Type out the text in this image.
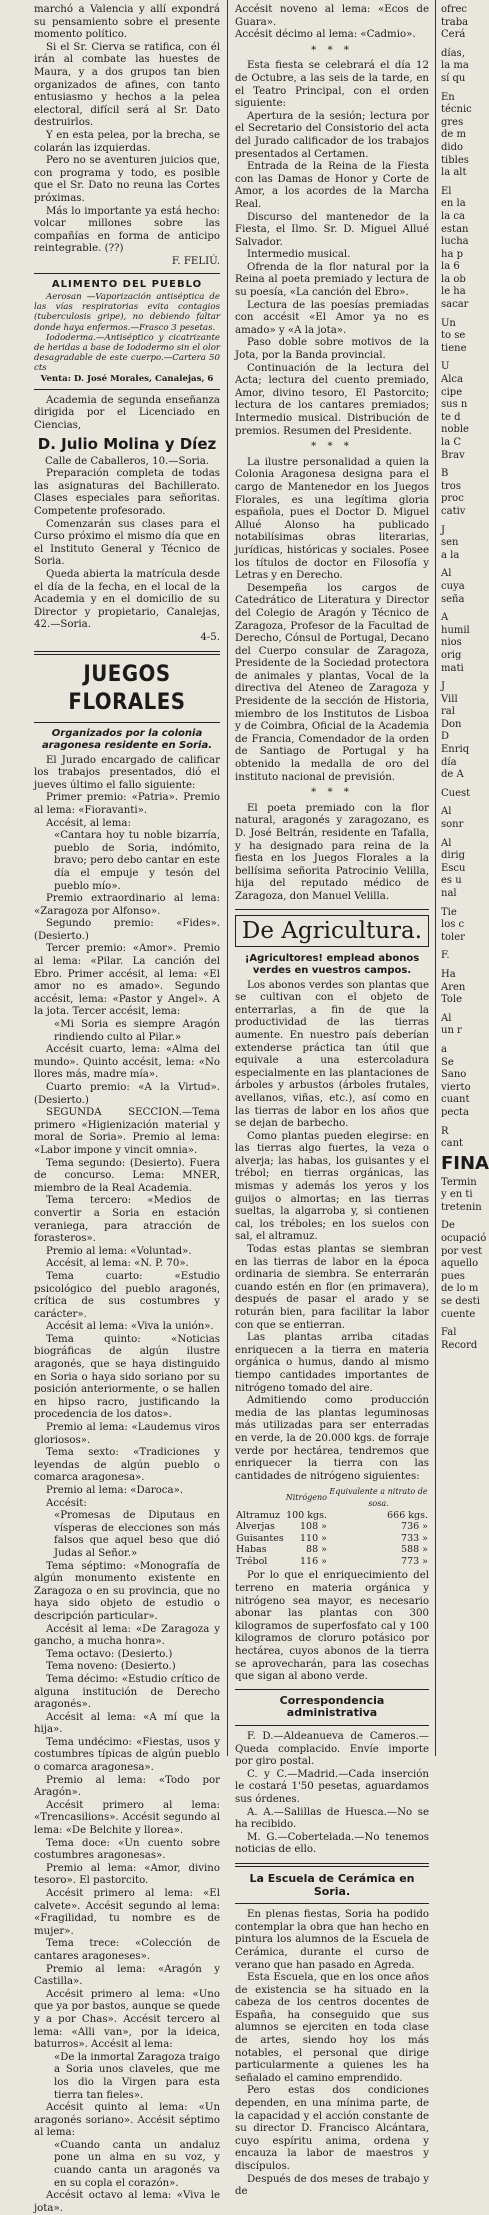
marchó a Valencia y allí expondrá su pensamiento sobre el presente momento político.

Si el Sr. Cierva se ratifica, con él irán al combate las huestes de Maura, y a dos grupos tan bien organizados de afines, con tanto entusiasmo y hechos a la pelea electoral, difícil será al Sr. Dato destruirlos.

Y en esta pelea, por la brecha, se colarán las izquierdas.

Pero no se aventuren juicios que, con programa y todo, es posible que el Sr. Dato no reuna las Cortes próximas.

Más lo importante ya está hecho: volcar millones sobre las compañías en forma de anticipo reintegrable. (??)

F. FELIÚ.

ALIMENTO DEL PUEBLO

Aerosan —Vaporización antiséptica de las vías respiratorias evita contagios (tuberculosis gripe), no debiendo faltar donde haya enfermos.—Frasco 3 pesetas.

Iododerma.—Antiséptico y cicatrizante de heridas a base de Iododermo sin el olor desagradable de este cuerpo.—Cartera 50 cts

Venta: D. José Morales, Canalejas, 6

Academia de segunda enseñanza dirigida por el Licenciado en Ciencias,

D. Julio Molina y Díez

Calle de Caballeros, 10.—Soria.

Preparación completa de todas las asignaturas del Bachillerato. Clases especiales para señoritas. Competente profesorado.

Comenzarán sus clases para el Curso próximo el mismo día que en el Instituto General y Técnico de Soria.

Queda abierta la matrícula desde el día de la fecha, en el local de la Academia y en el domicilio de su Director y propietario, Canalejas, 42.—Soria.

4-5.

JUEGOS FLORALES
Organizados por la colonia aragonesa residente en Soria.

El Jurado encargado de calificar los trabajos presentados, dió el jueves último el fallo siguiente:

Primer premio: «Patria». Premio al lema: «Fioravanti».

Accésit, al lema:

«Cantara hoy tu noble bizarría, pueblo de Soria, indómito, bravo; pero debo cantar en este día el empuje y tesón del pueblo mío».

Premio extraordinario al lema: «Zaragoza por Alfonso».

Segundo premio: «Fides». (Desierto.)

Tercer premio: «Amor». Premio al lema: «Pilar. La canción del Ebro. Primer accésit, al lema: «El amor no es amado». Segundo accésit, lema: «Pastor y Angel». A la jota. Tercer accésit, lema:

«Mi Soria es siempre Aragón rindiendo culto al Pilar.»

Accésit cuarto, lema: «Alma del mundo». Quinto accésit, lema: «No llores más, madre mía».

Cuarto premio: «A la Virtud». (Desierto.)

SEGUNDA SECCION.—Tema primero «Higienización material y moral de Soria». Premio al lema: «Labor impone y vincit omnia».

Tema segundo: (Desierto). Fuera de concurso. Lema: MNER, miembro de la Real Academia.

Tema tercero: «Medios de convertir a Soria en estación veraniega, para atracción de forasteros».

Premio al lema: «Voluntad».

Accésit, al lema: «N. P. 70».

Tema cuarto: «Estudio psicológico del pueblo aragonés, crítica de sus costumbres y carácter».

Accésit al lema: «Viva la unión».

Tema quinto: «Noticias biográficas de algún ilustre aragonés, que se haya distinguido en Soria o haya sido soriano por su posición anteriormente, o se hallen en hipso racro, justificando la procedencia de los datos».

Premio al lema: «Laudemus viros gloriosos».

Tema sexto: «Tradiciones y leyendas de algún pueblo o comarca aragonesa».

Premio al lema: «Daroca».

Accésit:

«Promesas de Diputaus en vísperas de elecciones son más falsos que aquel beso que dió Judas al Señor.»

Tema séptimo: «Monografía de algún monumento existente en Zaragoza o en su provincia, que no haya sido objeto de estudio o descripción particular».

Accésit al lema: «De Zaragoza y gancho, a mucha honra».

Tema octavo: (Desierto.)

Tema noveno: (Desierto.)

Tema décimo: «Estudio crítico de alguna institución de Derecho aragonés».

Accésit al lema: «A mí que la hija».

Tema undécimo: «Fiestas, usos y costumbres típicas de algún pueblo o comarca aragonesa».

Premio al lema: «Todo por Aragón».

Accésit primero al lema: «Trencasilions». Accésit segundo al lema: «De Belchite y llorea».

Tema doce: «Un cuento sobre costumbres aragonesas».

Premio al lema: «Amor, divino tesoro». El pastorcito.

Accésit primero al lema: «El calvete». Accésit segundo al lema: «Fragilidad, tu nombre es de mujer».

Tema trece: «Colección de cantares aragoneses».

Premio al lema: «Aragón y Castilla».

Accésit primero al lema: «Uno que ya por bastos, aunque se quede y a por Chas». Accésit tercero al lema: «Alli van», por la ideica, baturros». Accésit al lema:

«De la inmortal Zaragoza traigo a Soria unos claveles, que me los dio la Virgen para esta tierra tan fieles».

Accésit quinto al lema: «Un aragonés soriano». Accésit séptimo al lema:

«Cuando canta un andaluz pone un alma en su voz, y cuando canta un aragonés va en su copla el corazón».

Accésit octavo al lema: «Viva le jota».

Accésit noveno al lema: «Ecos de Guara».

Accésit décimo al lema: «Cadmio».

* * *

Esta fiesta se celebrará el día 12 de Octubre, a las seis de la tarde, en el Teatro Principal, con el orden siguiente:

Apertura de la sesión; lectura por el Secretario del Consistorio del acta del Jurado calificador de los trabajos presentados al Certamen.

Entrada de la Reina de la Fiesta con las Damas de Honor y Corte de Amor, a los acordes de la Marcha Real.

Discurso del mantenedor de la Fiesta, el Ilmo. Sr. D. Miguel Allué Salvador.

Intermedio musical.

Ofrenda de la flor natural por la Reina al poeta premiado y lectura de su poesía, «La canción del Ebro».

Lectura de las poesías premiadas con accésit «El Amor ya no es amado» y «A la jota».

Paso doble sobre motivos de la Jota, por la Banda provincial.

Continuación de la lectura del Acta; lectura del cuento premiado, Amor, divino tesoro, El Pastorcito; lectura de los cantares premiados; Intermedio musical. Distribución de premios. Resumen del Presidente.

* * *

La ilustre personalidad a quien la Colonia Aragonesa designa para el cargo de Mantenedor en los Juegos Florales, es una legítima gloria española, pues el Doctor D. Miguel Allué Alonso ha publicado notabilísimas obras literarias, jurídicas, históricas y sociales. Posee los títulos de doctor en Filosofía y Letras y en Derecho.

Desempeña los cargos de Catedrático de Literatura y Director del Colegio de Aragón y Técnico de Zaragoza, Profesor de la Facultad de Derecho, Cónsul de Portugal, Decano del Cuerpo consular de Zaragoza, Presidente de la Sociedad protectora de animales y plantas, Vocal de la directiva del Ateneo de Zaragoza y Presidente de la sección de Historia, miembro de los Institutos de Lisboa y de Coimbra, Oficial de la Academia de Francia, Comendador de la orden de Santiago de Portugal y ha obtenido la medalla de oro del instituto nacional de previsión.

* * *

El poeta premiado con la flor natural, aragonés y zaragozano, es D. José Beltrán, residente en Tafalla, y ha designado para reina de la fiesta en los Juegos Florales a la bellísima señorita Patrocinio Velilla, hija del reputado médico de Zaragoza, don Manuel Velilla.

De Agricultura.
¡Agricultores! emplead abonos verdes en vuestros campos.

Los abonos verdes son plantas que se cultivan con el objeto de enterrarlas, a fin de que la productividad de las tierras aumente. En nuestro país deberían extenderse práctica tan útil que equivale a una estercoladura especialmente en las plantaciones de árboles y arbustos (árboles frutales, avellanos, viñas, etc.), así como en las tierras de labor en los años que se dejan de barbecho.

Como plantas pueden elegirse: en las tierras algo fuertes, la veza o alverja; las habas, los guisantes y el trébol; en tierras orgánicas, las mismas y además los yeros y los guijos o almortas; en las tierras sueltas, la algarroba y, si contienen cal, los tréboles; en los suelos con sal, el altramuz.

Todas estas plantas se siembran en las tierras de labor en la época ordinaria de siembra. Se enterrarán cuando estén en flor (en primavera), después de pasar el arado y se roturán bien, para facilitar la labor con que se entierran.

Las plantas arriba citadas enriquecen a la tierra en materia orgánica o humus, dando al mismo tiempo cantidades importantes de nitrógeno tomado del aire.

Admitiendo como producción media de las plantas leguminosas más utilizadas para ser enterradas en verde, la de 20.000 kgs. de forraje verde por hectárea, tendremos que enriquecer la tierra con las cantidades de nitrógeno siguientes:

	Nitrógeno	Equivalente a nitrato de sosa.
Altramuz	100 kgs.	666 kgs.
Alverjas	108 »	736 »
Guisantes	110 »	733 »
Habas	88 »	588 »
Trébol	116 »	773 »

Por lo que el enriquecimiento del terreno en materia orgánica y nitrógeno sea mayor, es necesario abonar las plantas con 300 kilogramos de superfosfato cal y 100 kilogramos de cloruro potásico por hectárea, cuyos abonos de la tierra se aprovecharán, para las cosechas que sigan al abono verde.

Correspondencia administrativa

F. D.—Aldeanueva de Cameros.—Queda complacido. Envíe importe por giro postal.

C. y C.—Madrid.—Cada inserción le costará 1'50 pesetas, aguardamos sus órdenes.

A. A.—Salillas de Huesca.—No se ha recibido.

M. G.—Cobertelada.—No tenemos noticias de ello.

La Escuela de Cerámica en Soria.

En plenas fiestas, Soria ha podido contemplar la obra que han hecho en pintura los alumnos de la Escuela de Cerámica, durante el curso de verano que han pasado en Agreda.

Esta Escuela, que en los once años de existencia se ha situado en la cabeza de los centros docentes de España, ha conseguido que sus alumnos se ejerciten en toda clase de artes, siendo hoy los más notables, el personal que dirige particularmente a quienes les ha señalado el camino emprendido.

Pero estas dos condiciones dependen, en una mínima parte, de la capacidad y el acción constante de su director D. Francisco Alcántara, cuyo espíritu anima, ordena y encauza la labor de maestros y discípulos.

Después de dos meses de trabajo y de

ofrec
traba
Cerá
días,
la ma
sí qu
En
técnic
gres
de m
dido
tibles
la alt
El
en la
la ca
estan
lucha
ha p
la 6
la ob
le ha
sacar
Un
to se
tiene
U
Alca
cipe
sus n
te d
noble
la C
Brav
B
tros
proc
cativ
J
sen
a la
Al
cuya
seña
A
humil
nios
orig
mati
J
Vill
ral
Don
D
Enriq
día
de A
Cuest
Al
sonr
Al
dirig
Escu
es u
nal
Tie
los c
toler
F.
Ha
Aren
Tole
Al
un r
a
Se
Sano
vierto
cuant
pecta
R
cant
FINA
Termin
y en ti
tretenin
De
ocupació
por vest
aquello
pues
de lo m
se desti
cuente
Fal
Record
